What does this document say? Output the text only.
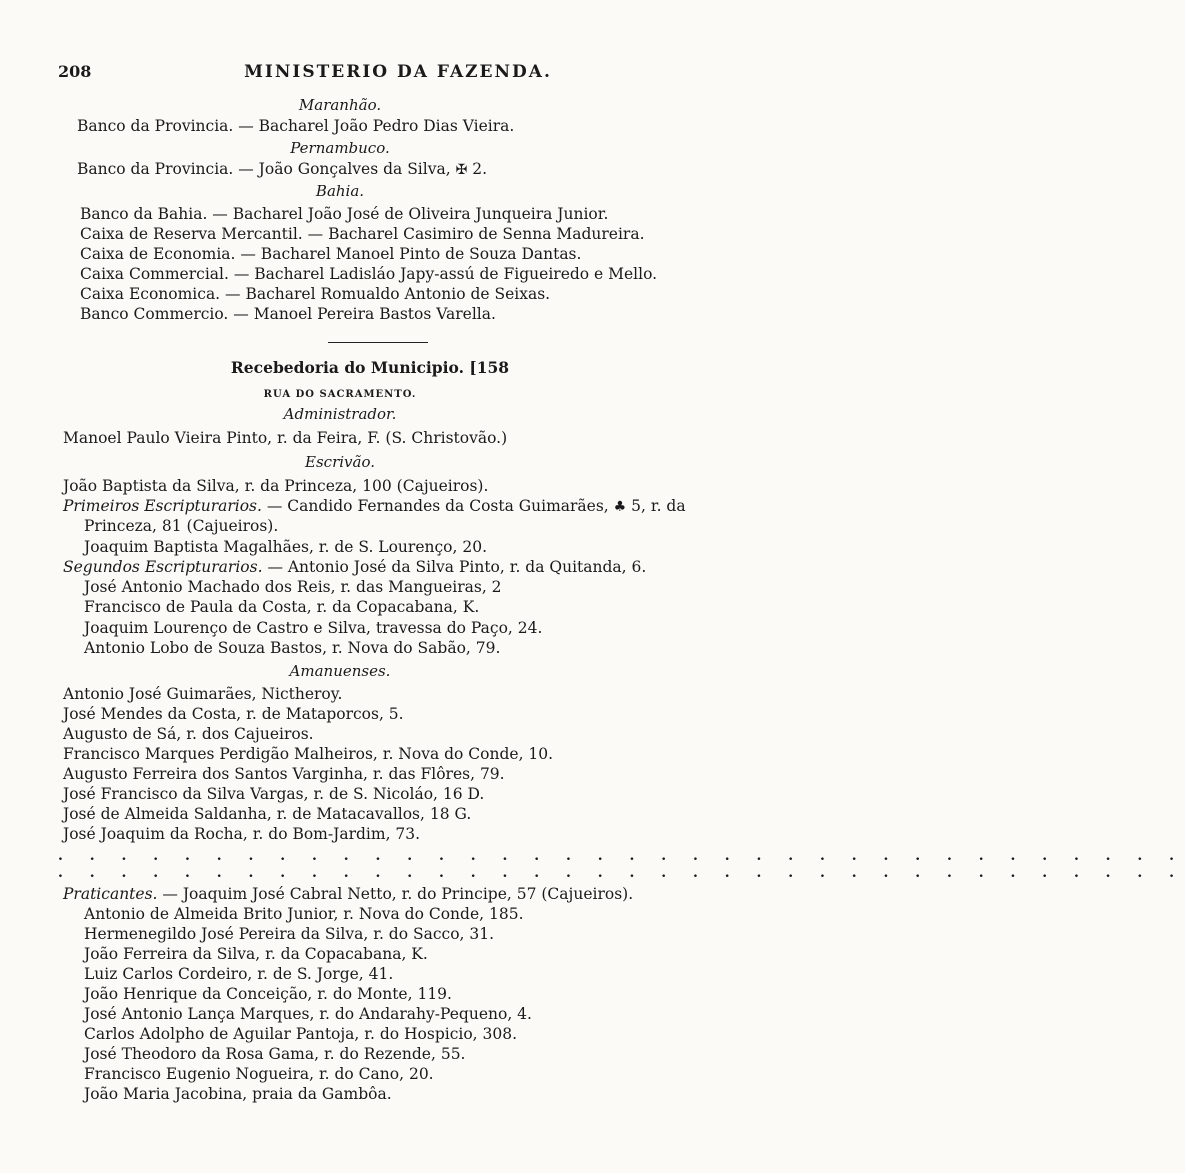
208	MINISTERIO DA FAZENDA.
Maranhão.
Banco da Provincia. — Bacharel João Pedro Dias Vieira.
Pernambuco.
Banco da Provincia. — João Gonçalves da Silva, ✠ 2.
Bahia.
Banco da Bahia. — Bacharel João José de Oliveira Junqueira Junior.
Caixa de Reserva Mercantil. — Bacharel Casimiro de Senna Madureira.
Caixa de Economia. — Bacharel Manoel Pinto de Souza Dantas.
Caixa Commercial. — Bacharel Ladisláo Japy-assú de Figueiredo e Mello.
Caixa Economica. — Bacharel Romualdo Antonio de Seixas.
Banco Commercio. — Manoel Pereira Bastos Varella.
Recebedoria do Municipio. [158
RUA DO SACRAMENTO.
Administrador.
Manoel Paulo Vieira Pinto, r. da Feira, F. (S. Christovão.)
Escrivão.
João Baptista da Silva, r. da Princeza, 100 (Cajueiros).
Primeiros Escripturarios. — Candido Fernandes da Costa Guimarães, ♣ 5, r. da
Princeza, 81 (Cajueiros).
Joaquim Baptista Magalhães, r. de S. Lourenço, 20.
Segundos Escripturarios. — Antonio José da Silva Pinto, r. da Quitanda, 6.
José Antonio Machado dos Reis, r. das Mangueiras, 2
Francisco de Paula da Costa, r. da Copacabana, K.
Joaquim Lourenço de Castro e Silva, travessa do Paço, 24.
Antonio Lobo de Souza Bastos, r. Nova do Sabão, 79.
Amanuenses.
Antonio José Guimarães, Nictheroy.
José Mendes da Costa, r. de Mataporcos, 5.
Augusto de Sá, r. dos Cajueiros.
Francisco Marques Perdigão Malheiros, r. Nova do Conde, 10.
Augusto Ferreira dos Santos Varginha, r. das Flôres, 79.
José Francisco da Silva Vargas, r. de S. Nicoláo, 16 D.
José de Almeida Saldanha, r. de Matacavallos, 18 G.
José Joaquim da Rocha, r. do Bom-Jardim, 73.
. . . . . . . . . . . . . . . . . . . . . . . . . . . . . . . . . . . .
. . . . . . . . . . . . . . . . . . . . . . . . . . . . . . . . . . . .
Praticantes. — Joaquim José Cabral Netto, r. do Principe, 57 (Cajueiros).
Antonio de Almeida Brito Junior, r. Nova do Conde, 185.
Hermenegildo José Pereira da Silva, r. do Sacco, 31.
João Ferreira da Silva, r. da Copacabana, K.
Luiz Carlos Cordeiro, r. de S. Jorge, 41.
João Henrique da Conceição, r. do Monte, 119.
José Antonio Lança Marques, r. do Andarahy-Pequeno, 4.
Carlos Adolpho de Aguilar Pantoja, r. do Hospicio, 308.
José Theodoro da Rosa Gama, r. do Rezende, 55.
Francisco Eugenio Nogueira, r. do Cano, 20.
João Maria Jacobina, praia da Gambôa.
